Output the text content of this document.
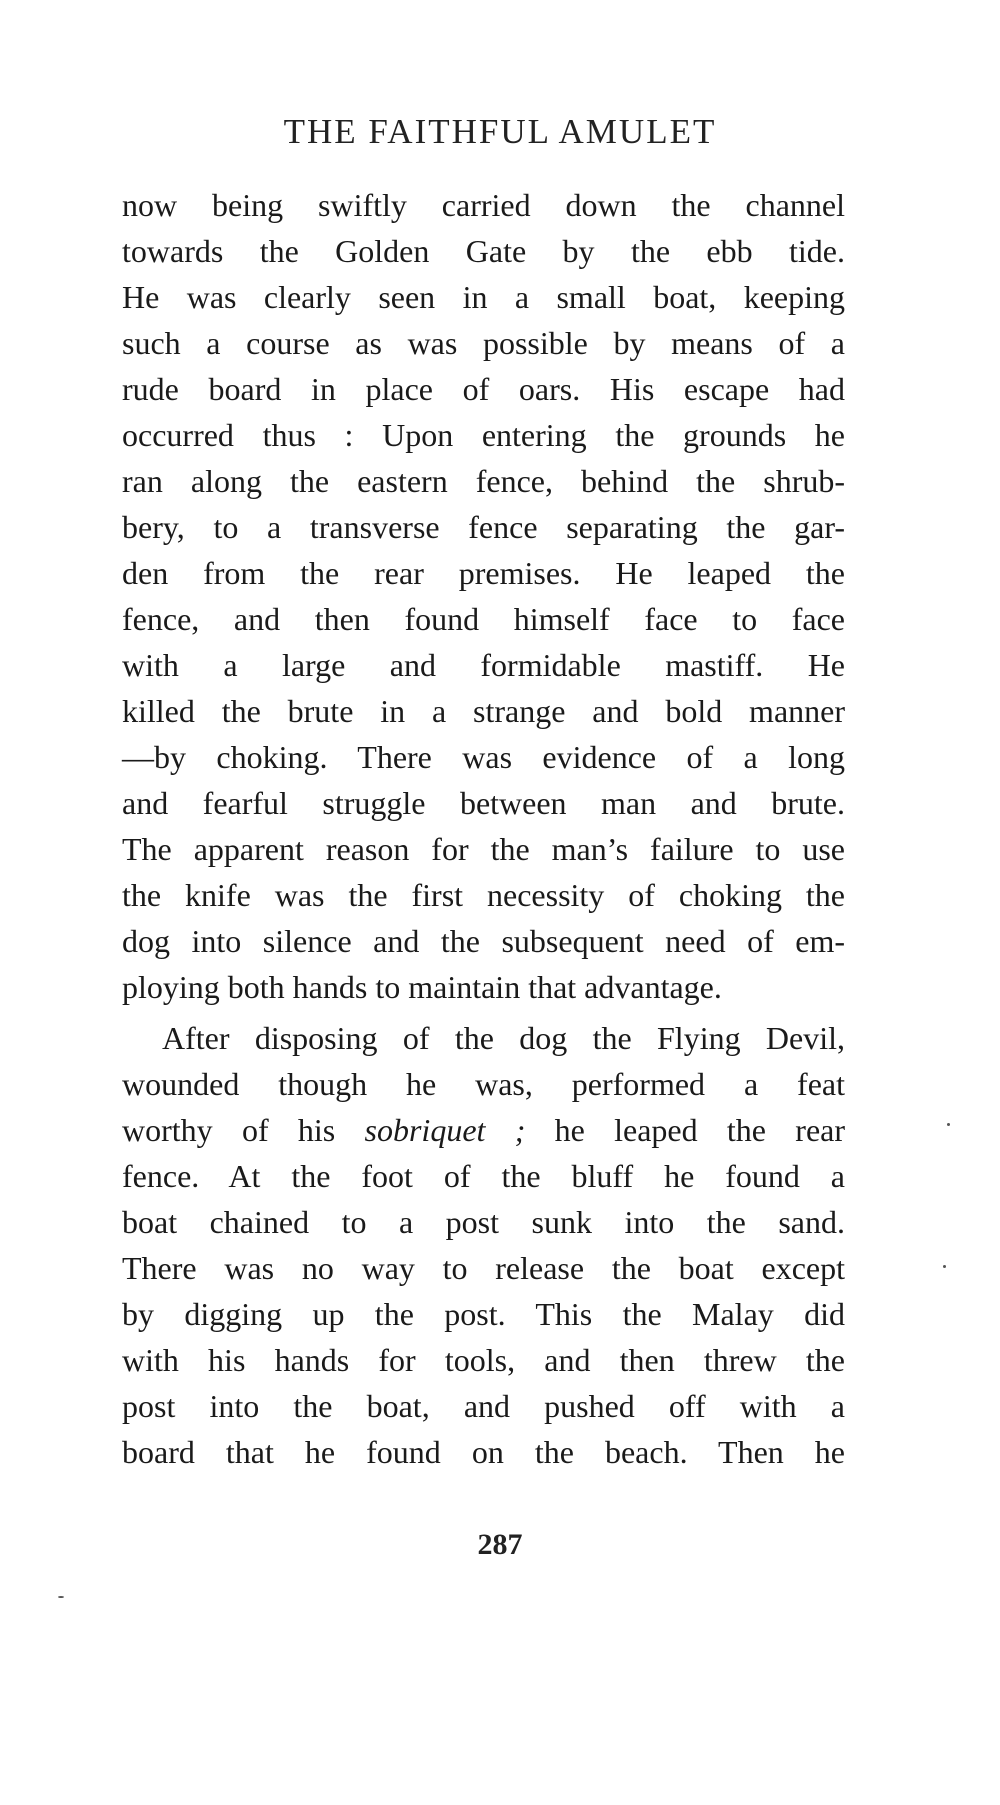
THE FAITHFUL AMULET
now being swiftly carried down the channel
towards the Golden Gate by the ebb tide.
He was clearly seen in a small boat, keeping
such a course as was possible by means of a
rude board in place of oars. His escape had
occurred thus : Upon entering the grounds he
ran along the eastern fence, behind the shrub-
bery, to a transverse fence separating the gar-
den from the rear premises. He leaped the
fence, and then found himself face to face
with a large and formidable mastiff. He
killed the brute in a strange and bold manner
—by choking. There was evidence of a long
and fearful struggle between man and brute.
The apparent reason for the man’s failure to use
the knife was the first necessity of choking the
dog into silence and the subsequent need of em-
ploying both hands to maintain that advantage.
After disposing of the dog the Flying Devil,
wounded though he was, performed a feat
worthy of his sobriquet ; he leaped the rear
fence. At the foot of the bluff he found a
boat chained to a post sunk into the sand.
There was no way to release the boat except
by digging up the post. This the Malay did
with his hands for tools, and then threw the
post into the boat, and pushed off with a
board that he found on the beach. Then he
287
